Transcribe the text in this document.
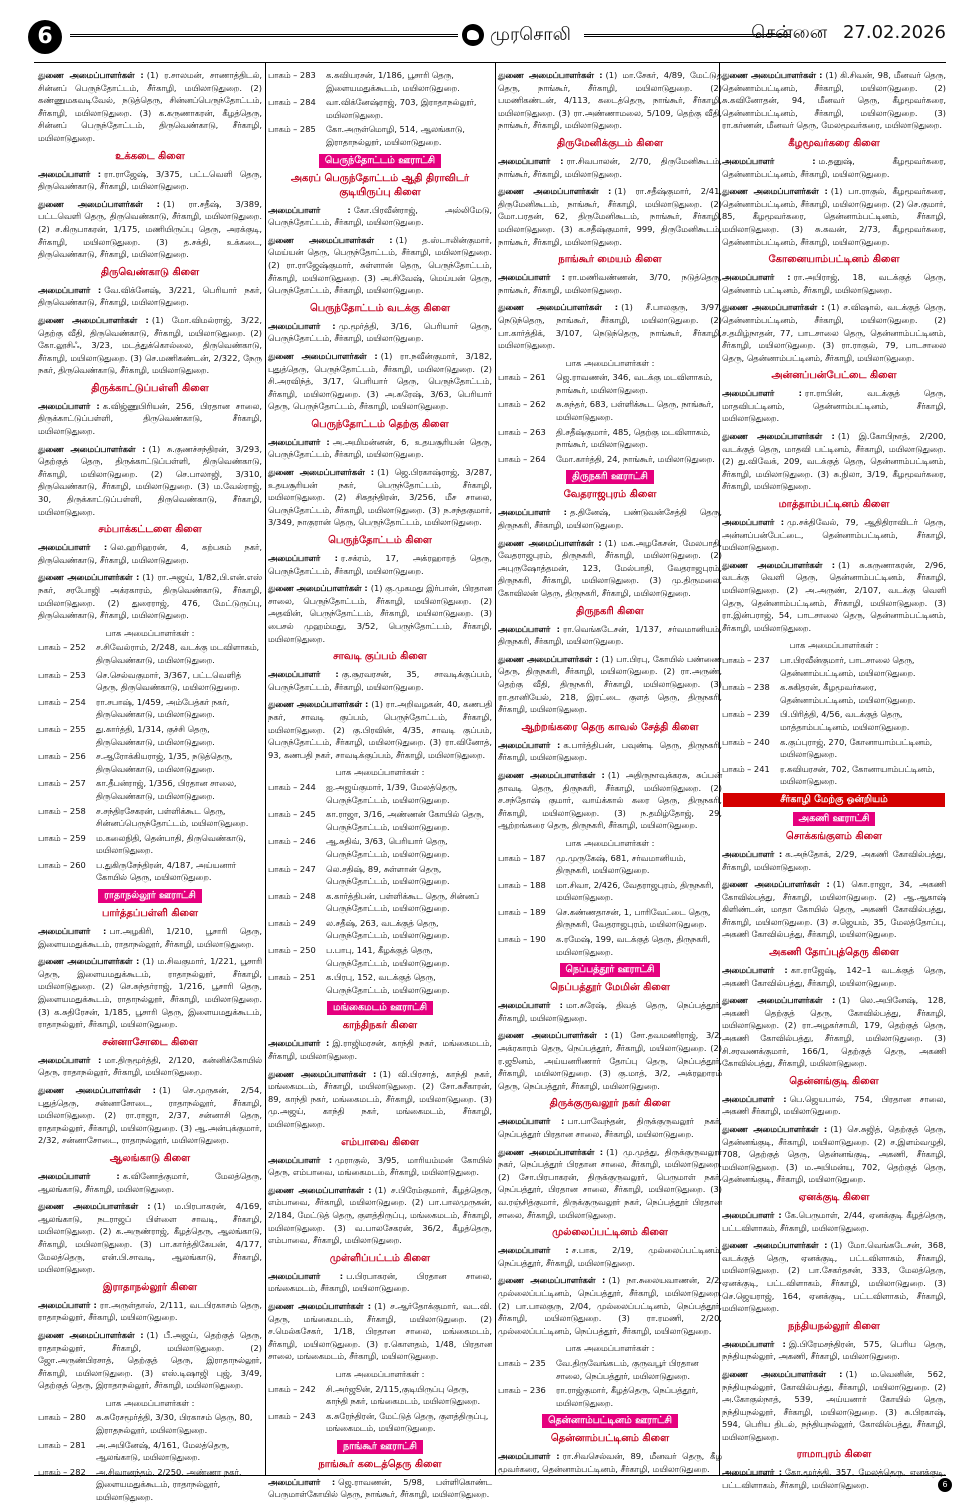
6	முரசொலி	சென்னை 27.02.2026

துணை அமைப்பாளர்கள் : (1) ர.சாலமன், சாணாத்திடல், சின்னப் பெருந்தோட்டம், சீர்காழி, மயிலாடுதுறை. (2) கண்ணுமகவடிவேல், நடுத்தெரு, சின்னப்பெருந்தோட்டம், சீர்காழி, மயிலாடுதுறை. (3) க.கருணாகரன், கீழத்தெரு, சின்னப் பெருந்தோட்டம், திருவெண்காடு, சீர்காழி, மயிலாடுதுறை.

உக்கடை கிளை

அமைப்பாளர் : ரா.ராஜேஷ், 3/375, பட்டவெளி தெரு, திருவெண்காடு, சீர்காழி, மயிலாடுதுறை.

துணை அமைப்பாளர்கள் : (1) ரா.சதீஷ், 3/389, பட்டவெளி தெரு, திருவெண்காடு, சீர்காழி, மயிலாடுதுறை. (2) ச.கிருபாகரன், 1/175, மணியிருப்பு தெரு, அரக்குடி, சீர்காழி, மயிலாடுதுறை. (3) த.சக்தி, உக்கடை, திருவெண்காடு, சீர்காழி, மயிலாடுதுறை.

திருவெண்காடு கிளை

அமைப்பாளர் : வே.விக்னேஷ், 3/221, பெரியார் நகர், திருவெண்காடு, சீர்காழி, மயிலாடுதுறை.

துணை அமைப்பாளர்கள் : (1) மோ.விமல்ராஜ், 3/22, தெற்கு வீதி, திருவெண்காடு, சீர்காழி, மயிலாடுதுறை. (2) கோ.லூசிஃ, 3/23, மடத்துக்கொல்லை, திருவெண்காடு, சீர்காழி, மயிலாடுதுறை. (3) செ.மணிகண்டன், 2/322, நேரு நகர், திருவெண்காடு, சீர்காழி, மயிலாடுதுறை.

திருக்காட்டுப்பள்ளி கிளை

அமைப்பாளர் : க.விஜ்ணுபிரியன், 256, பிரதான சாலை, திருக்காட்டுப்பள்ளி, திருவெண்காடு, சீர்காழி, மயிலாடுதுறை.

துணை அமைப்பாளர்கள் : (1) சு.குணச்சந்திரன், 3/293, தெற்குத் தெரு, திருக்காட்டுப்பள்ளி, திருவெண்காடு, சீர்காழி, மயிலாடுதுறை. (2) செ.பாலாஜி, 3/310, திருவெண்காடு, சீர்காழி, மயிலாடுதுறை. (3) ம.வேல்ராஜ், 30, திருக்காட்டுப்பள்ளி, திருவெண்காடு, சீர்காழி, மயிலாடுதுறை.

சம்பாக்கட்டளை கிளை

அமைப்பாளர் : லெ.ஹரிஹரன், 4, கற்பகம் நகர், திருவெண்காடு, சீர்காழி, மயிலாடுதுறை.

துணை அமைப்பாளர்கள் : (1) ரா.அஜய், 1/82,பி.என்.எஸ் நகர், சரபோஜி அக்ரகாரம், திருவெண்காடு, சீர்காழி, மயிலாடுதுறை. (2) துரைராஜ், 476, மேட்டுருப்பு, திருவெண்காடு, சீர்காழி, மயிலாடுதுறை.

பாக அமைப்பாளர்கள் :
பாகம் – 252	ச.சிவேல்ராம், 2/248, வடக்கு மடவிளாகம், திருவெண்காடு, மயிலாடுதுறை.
பாகம் – 253	செ.செல்வகுமார், 3/367, பட்டவெளித் தெரு, திருவெண்காடு, மயிலாடுதுறை.
பாகம் – 254	ரா.சபாஷ், 1/459, அம்பேத்கர் நகர், திருவெண்காடு, மயிலாடுதுறை.
பாகம் – 255	து.கார்த்தி, 1/314, குச்சி தெரு, திருவெண்காடு, மயிலாடுதுறை.
பாகம் – 256	ச.ஆரோக்கியராஜ், 1/35, நடுத்தெரு, திருவெண்காடு, மயிலாடுதுறை.
பாகம் – 257	கா.தீபன்ராஜ், 1/356, பிரதான சாலை, திருவெண்காடு, மயிலாடுதுறை.
பாகம் – 258	ச.சந்திரசேகரன், பள்ளிக்கூட தெரு, சின்னப்பெருந்தோட்டம், மயிலாடுதுறை.
பாகம் – 259	ம.கலைநிதி, தென்பாதி, திருவெண்காடு, மயிலாடுதுறை.
பாகம் – 260	ப.துகிருசேந்திரன், 4/187, அய்யனார் கோயில் தெரு, மயிலாடுதுறை.
ராதாநல்லூர் ஊராட்சி
பார்த்தப்பள்ளி கிளை

அமைப்பாளர் : பா.அழகிரி, 1/210, பூசாரி தெரு, இளையமதுக்கூடம், ராதாநல்லூர், சீர்காழி, மயிலாடுதுறை.

துணை அமைப்பாளர்கள் : (1) ம.சிவகுமார், 1/221, பூசாரி தெரு, இளையமதுக்கூடம், ராதாநல்லூர், சீர்காழி, மயிலாடுதுறை. (2) செ.சுந்தர்ராஜ், 1/216, பூசாரி தெரு, இளையமதுக்கூடம், ராதாநல்லூர், சீர்காழி, மயிலாடுதுறை. (3) க.சுதிரேசன், 1/185, பூசாரி தெரு, இளையமதுக்கூடம், ராதாநல்லூர், சீர்காழி, மயிலாடுதுறை.

சன்னாசோடை கிளை

அமைப்பாளர் : மா.திருமூர்த்தி, 2/120, கன்னிக்கோயில் தெரு, ராதாநல்லூர், சீர்காழி, மயிலாடுதுறை.

துணை அமைப்பாளர்கள் : (1) செ.முருகன், 2/54, புதுத்தெரு, சன்னாசோடை, ராதாநல்லூர், சீர்காழி, மயிலாடுதுறை. (2) ரா.ராஜா, 2/37, சன்னாசி தெரு, ராதாநல்லூர், சீர்காழி, மயிலாடுதுறை. (3) ஆ.அன்புக்குமார், 2/32, சன்னாசோடை, ராதாநல்லூர், மயிலாடுதுறை.

ஆலங்காடு கிளை

அமைப்பாளர் : க.வினோத்குமார், மேலத்தெரு, ஆலங்காடு, சீர்காழி, மயிலாடுதுறை.

துணை அமைப்பாளர்கள் : (1) ம.பிரபாகரன், 4/169, ஆலங்காடு, நடராஜப் பிள்ளை சாவடி, சீர்காழி, மயிலாடுதுறை. (2) க.அருண்ராஜ், கீழத்தெரு, ஆலங்காடு, சீர்காழி, மயிலாடுதுறை. (3) பா.கார்த்திகேயன், 4/177, மேலத்தெரு, என்.பி.சாவடி, ஆலங்காடு, சீர்காழி, மயிலாடுதுறை.

இராதாநல்லூர் கிளை

அமைப்பாளர் : ரா.அருள்தாஸ், 2/111, வடபிரகாசம் தெரு, ராதாநல்லூர், சீர்காழி, மயிலாடுதுறை.

துணை அமைப்பாளர்கள் : (1) பீ.அஜய், தெற்குத் தெரு, ராதாநல்லூர், சீர்காழி, மயிலாடுதுறை. (2) ஜோ.அருண்பிரசாத், தெற்குத் தெரு, இராதாநல்லூர், சீர்காழி, மயிலாடுதுறை. (3) எஸ்.டிஷாஜி புஜ், 3/49, தெற்குத் தெரு, இராதாநல்லூர், சீர்காழி, மயிலாடுதுறை.

பாக அமைப்பாளர்கள் :
பாகம் – 280	சு.சுரேசமூர்த்தி, 3/30, பிரகாசம் தெரு, 80, இராதநல்லூர், மயிலாடுதுறை.
பாகம் – 281	அ.அபினேஷ், 4/161, மேலத்தெரு, ஆலங்காடு, மயிலாடுதுறை.
பாகம் – 282	அ.சிவானந்தம், 2/250, அண்ணா நகர், இளையமதுக்கூடம், ராதாநல்லூர், மயிலாடுதுறை.
பாகம் – 283	க.கவியரசன், 1/186, பூசாரி தெரு, இளையமதுக்கூடம், மயிலாடுதுறை.
பாகம் – 284	வா.விக்னேஷ்ராஜ், 703, இராதாநல்லூர், மயிலாடுதுறை.
பாகம் – 285	கோ.அருள்மொழி, 514, ஆலங்காடு, இராதாநல்லூர், மயிலாடுதுறை.
பெருந்தோட்டம் ஊராட்சி
அகரப் பெருந்தோட்டம் ஆதி திராவிடர் குடியிருப்பு கிளை

அமைப்பாளர் : கோ.பிரவீன்ராஜ், அல்லிமேடு, பெருந்தோட்டம், சீர்காழி, மயிலாடுதுறை.

துணை அமைப்பாளர்கள் : (1) த.ஸ்டாலின்குமார், மெய்யன் தெரு, பெருந்தோட்டம், சீர்காழி, மயிலாடுதுறை. (2) ரா.ராஜேஷ்குமார், சுள்ளான் தெரு, பெருந்தோட்டம், சீர்காழி, மயிலாடுதுறை. (3) அ.சிவேஷ், மெய்யன் தெரு, பெருந்தோட்டம், சீர்காழி, மயிலாடுதுறை.

பெருந்தோட்டம் வடக்கு கிளை

அமைப்பாளர் : மு.மூர்த்தி, 3/16, பெரியார் தெரு, பெருந்தோட்டம், சீர்காழி, மயிலாடுதுறை.

துணை அமைப்பாளர்கள் : (1) ரா.நவீன்குமார், 3/182, புதுத்தெரு, பெருந்தோட்டம், சீர்காழி, மயிலாடுதுறை. (2) சி.அரவிந்த், 3/17, பெரியார் தெரு, பெருந்தோட்டம், சீர்காழி, மயிலாடுதுறை. (3) அ.சுரேஷ், 3/63, பெரியார் தெரு, பெருந்தோட்டம், சீர்காழி, மயிலாடுதுறை.

பெருந்தோட்டம் தெற்கு கிளை

அமைப்பாளர் : அ.அமிமன்னன், 6, உதயசூரியன் தெரு, பெருந்தோட்டம், சீர்காழி, மயிலாடுதுறை.

துணை அமைப்பாளர்கள் : (1) ஜெ.பிரகாஷ்ராஜ், 3/287, உதயசூரியன் நகர், பெருந்தோட்டம், சீர்காழி, மயிலாடுதுறை. (2) சிகதந்திரன், 3/256, மீச சாலை, பெருந்தோட்டம், சீர்காழி, மயிலாடுதுறை. (3) ந.சந்தகுமார், 3/349, நாகுரான் தெரு, பெருந்தோட்டம், மயிலாடுதுறை.

பெருந்தோட்டம் கிளை

அமைப்பாளர் : ர.சக்ரம், 17, அக்ரஹாரத் தெரு, பெருந்தோட்டம், சீர்காழி, மயிலாடுதுறை.

துணை அமைப்பாளர்கள் : (1) கு.முகமது இர்பான், பிரதான சாலை, பெருந்தோட்டம், சீர்காழி, மயிலாடுதுறை. (2) அதவின், பெருந்தோட்டம், சீர்காழி, மயிலாடுதுறை. (3) பைசல் முஹம்மது, 3/52, பெருந்தோட்டம், சீர்காழி, மயிலாடுதுறை.

சாவடி குப்பம் கிளை

அமைப்பாளர் : கு.சூரவரசன், 35, சாவடிக்குப்பம், பெருந்தோட்டம், சீர்காழி, மயிலாடுதுறை.

துணை அமைப்பாளர்கள் : (1) ரா.அறிவழகன், 40, கணபதி நகர், சாவடி குப்பம், பெருந்தோட்டம், சீர்காழி, மயிலாடுதுறை. (2) கு.பிரவின், 4/35, சாவடி குப்பம், பெருந்தோட்டம், சீர்காழி, மயிலாடுதுறை. (3) ரா.வினோத், 93, கணபதி நகர், சாவடிக்குப்பம், சீர்காழி, மயிலாடுதுறை.

பாக அமைப்பாளர்கள் :
பாகம் – 244	ஐ.அஜய்குமார், 1/39, மேலத்தெரு, பெருந்தோட்டம், மயிலாடுதுறை.
பாகம் – 245	கா.ராஜா, 3/16, அண்ணன் கோயில் தெரு, பெருந்தோட்டம், மயிலாடுதுறை.
பாகம் – 246	ஆ.சுதிவ், 3/63, பெரியார் தெரு, பெருந்தோட்டம், மயிலாடுதுறை.
பாகம் – 247	லெ.சதிஷ், 89, சுள்ளான் தெரு, பெருந்தோட்டம், மயிலாடுதுறை.
பாகம் – 248	க.கார்த்திபன், பள்ளிக்கூட தெரு, சின்னப் பெருந்தோட்டம், மயிலாடுதுறை.
பாகம் – 249	ல.சதீஷ், 263, வடக்குத் தெரு, பெருந்தோட்டம், மயிலாடுதுறை.
பாகம் – 250	ப.பாபு, 141, கீழக்குத் தெரு, பெருந்தோட்டம், மயிலாடுதுறை.
பாகம் – 251	க.பிரபு, 152, வடக்குத் தெரு, பெருந்தோட்டம், மயிலாடுதுறை.
மங்கைமடம் ஊராட்சி
காந்திநகர் கிளை

அமைப்பாளர் : இ.ராஜிமரசன், காந்தி நகர், மங்கைமடம், சீர்காழி, மயிலாடுதுறை.

துணை அமைப்பாளர்கள் : (1) வி.பிரசாத், காந்தி நகர், மங்கைமடம், சீர்காழி, மயிலாடுதுறை. (2) சோ.சுசீகாரன், 89, காந்தி நகர், மங்கைமடம், சீர்காழி, மயிலாடுதுறை. (3) மு.அஜய், காந்தி நகர், மங்கைமடம், சீர்காழி, மயிலாடுதுறை.

எம்பாவை கிளை

அமைப்பாளர் : முராகுல், 3/95, மாரியம்மன் கோயில் தெரு, எம்பாவை, மங்கைமடம், சீர்காழி, மயிலாடுதுறை.

துணை அமைப்பாளர்கள் : (1) ச.பிரேம்குமார், கீழத்தெரு, எம்பாவை, சீர்காழி, மயிலாடுதுறை. (2) பா.பாலமுருகன், 2/184, மேட்டுத் தெரு, குளத்திருப்பு, மங்கைமடம், சீர்காழி, மயிலாடுதுறை. (3) வ.பாலசேகரன், 36/2, கீழத்தெரு, எம்பாவை, சீர்காழி, மயிலாடுதுறை.

முள்ளிப்பட்டம் கிளை

அமைப்பாளர் : ப.பிரபாகரன், பிரதான சாலை, மங்கைமடம், சீர்காழி, மயிலாடுதுறை.

துணை அமைப்பாளர்கள் : (1) ச.ஆர்தோக்குமார், வட.வி. தெரு, மங்கைமடம், சீர்காழி, மயிலாடுதுறை. (2) ச.மெல்கசேகர், 1/18, பிரதான சாலை, மங்கைமடம், சீர்காழி, மயிலாடுதுறை. (3) ர.கொளதம், 1/48, பிரதான சாலை, மங்கைமடம், சீர்காழி, மயிலாடுதுறை.

பாக அமைப்பாளர்கள் :
பாகம் – 242	சி.அர்ஜூன், 2/115,குடியிருப்பு தெரு, காந்தி நகர், மங்கைமடம், மயிலாடுதுறை.
பாகம் – 243	க.சுரேந்திரன், மேட்டுத் தெரு, குளத்திருப்பு, மங்கைமடம், மயிலாடுதுறை.
நாங்கூர் ஊராட்சி
நாங்கூர் கடைத்தெரு கிளை

அமைப்பாளர் : ஜெ.ராவணன், 5/98, பள்ளிகொண்ட பெருமாள்கோயில் தெரு, நாங்கூர், சீர்காழி, மயிலாடுதுறை.

துணை அமைப்பாளர்கள் : (1) மா.சேகர், 4/89, மேட்டுத் தெரு, நாங்கூர், சீர்காழி, மயிலாடுதுறை. (2) பமணிகண்டன், 4/113, கடைத்தெரு, நாங்கூர், சீர்காழி, மயிலாடுதுறை. (3) ரா.அண்ணாமலை, 5/109, தெற்கு வீதி, நாங்கூர், சீர்காழி, மயிலாடுதுறை.

திருமேனிக்குடம் கிளை

அமைப்பாளர் : ரா.சிவபாலன், 2/70, திருமேனிகூடம், நாங்கூர், சீர்காழி, மயிலாடுதுறை.

துணை அமைப்பாளர்கள் : (1) ரா.சதீஷ்குமார், 2/41, திருமேனிகூடம், நாங்கூர், சீர்காழி, மயிலாடுதுறை. (2) மோ.பரதன், 62, திருமேனிகூடம், நாங்கூர், சீர்காழி, மயிலாடுதுறை. (3) க.சதீஷ்குமார், 999, திருமேனிகூடம், நாங்கூர், சீர்காழி, மயிலாடுதுறை.

நாங்கூர் மையம் கிளை

அமைப்பாளர் : ரா.மணிவண்ணன், 3/70, நடுத்தெரு, நாங்கூர், சீர்காழி, மயிலாடுதுறை.

துணை அமைப்பாளர்கள் : (1) சீ.பாலகுரு, 3/97, நெடுந்தெரு, நாங்கூர், சீர்காழி, மயிலாடுதுறை. (2) பா.கார்த்திக், 3/107, நெடுந்தெரு, நாங்கூர், சீர்காழி, மயிலாடுதுறை.

பாக அமைப்பாளர்கள் :
பாகம் – 261	ஜெ.ராவணன், 346, வடக்கு மடவிளாகம், நாங்கூர், மயிலாடுதுறை.
பாகம் – 262	சு.சுந்தர், 683, பள்ளிக்கூட தெரு, நாங்கூர், மயிலாடுதுறை.
பாகம் – 263	தி.சதீஷ்குமார், 485, தெற்கு மடவிளாகம், நாங்கூர், மயிலாடுதுறை.
பாகம் – 264	மோ.கார்த்தி, 24, நாங்கூர், மயிலாடுதுறை.
திருநகரி ஊராட்சி
வேதராஜபுரம் கிளை

அமைப்பாளர் : த.தினேஷ், பண்டுவன்சேத்தி தெரு, திருநகரி, சீர்காழி, மயிலாடுதுறை.

துணை அமைப்பாளர்கள் : (1) மக.அழகேசன், மேலபாதி, வேதராஜபுரம், திருநகரி, சீர்காழி, மயிலாடுதுறை. (2) அபுருஷோத்தமன், 123, மேல்பாதி, வேதராஜபுரம், திருநகரி, சீர்காழி, மயிலாடுதுறை. (3) மு.திருமலை, கோவிலன் தெரு, திருநகரி, சீர்காழி, மயிலாடுதுறை.

திருநகரி கிளை

அமைப்பாளர் : ரா.வெங்கடேசன், 1/137, சர்வமானியம், திருநகரி, சீர்காழி, மயிலாடுதுறை.

துணை அமைப்பாளர்கள் : (1) பா.பிரபு, கோயில் பண்ணை தெரு, திருநகரி, சீர்காழி, மயிலாடுதுறை. (2) ரா.அருண், தெற்கு வீதி, திருநகரி, சீர்காழி, மயிலாடுதுறை. (3) ரா.தானியேல், 218, இரட்டை குளத் தெரு, திருநகரி, சீர்காழி, மயிலாடுதுறை.

ஆற்றங்கரை தெரு காவல் சேத்தி கிளை

அமைப்பாளர் : க.பார்த்திபன், பவுண்டி தெரு, திருநகரி, சீர்காழி, மயிலாடுதுறை.

துணை அமைப்பாளர்கள் : (1) அதிருநாவுக்கரசு, சுப்பன் தாவடி தெரு, திருநகரி, சீர்காழி, மயிலாடுதுறை. (2) ச.சந்தோஷ் குமார், வாய்க்கால் கரை தெரு, திருநகரி, சீர்காழி, மயிலாடுதுறை. (3) ந.தமிழ்தோஜ், 29, ஆற்றங்கரை தெரு, திருநகரி, சீர்காழி, மயிலாடுதுறை.

பாக அமைப்பாளர்கள் :
பாகம் – 187	மு.முருகேஷ், 681, சர்வமானியம், திருநகரி, மயிலாடுதுறை.
பாகம் – 188	மா.சிவா, 2/426, வேதராஜபுரம், திருநகரி, மயிலாடுதுறை.
பாகம் – 189	செ.கண்ணதாசன், 1, பாரிவேட்டை தெரு, திருநகரி, வேதராஜபுரம், மயிலாடுதுறை.
பாகம் – 190	க.ரமேஷ், 199, வடக்குத் தெரு, திருநகரி, மயிலாடுதுறை.
நெப்பத்தூர் ஊராட்சி
நெப்பத்தூர் மேமின் கிளை

அமைப்பாளர் : மா.சுரேஷ், திவத் தெரு, நெப்பத்தூர், சீர்காழி, மயிலாடுதுறை.

துணை அமைப்பாளர்கள் : (1) சோ.தவமணிராஜ், 3/2, அக்ரகாரம் தெரு, நெப்பத்தூர், சீர்காழி, மயிலாடுதுறை. (2) ர.ஜூனம், அய்யனரிணார் தோப்பு தெரு, நெப்பத்தூர், சீர்காழி, மயிலாடுதுறை. (3) கு.மாத், 3/2, அக்ரஹாரம் தெரு, நெப்பத்தூர், சீர்காழி, மயிலாடுதுறை.

திருக்குருவலூர் நகர் கிளை

அமைப்பாளர் : பா.பாவேந்தன், திருக்குருவலூர் நகர், நெப்பத்தூர் பிரதான சாலை, சீர்காழி, மயிலாடுதுறை.

துணை அமைப்பாளர்கள் : (1) மு.முத்து, திருக்குருவலூர் நகர், நெப்பத்தூர் பிரதான சாலை, சீர்காழி, மயிலாடுதுறை. (2) சோ.பிரபாகரன், திருக்குருவலூர், பெருமாள் நகர், நெப்பத்தூர், பிரதான சாலை, சீர்காழி, மயிலாடுதுறை. (3) வ.ரஞ்சித்குமார், திருக்குருவலூர் நகர், நெப்பத்தூர் பிரதான சாலை, சீர்காழி, மயிலாடுதுறை.

முல்லைப்பட்டினம் கிளை

அமைப்பாளர் : ச.பாக, 2/19, முல்லைப்பட்டினம், நெப்பத்தூர், சீர்காழி, மயிலாடுதுறை.

துணை அமைப்பாளர்கள் : (1) நா.சுலையவாணன், 2/2, முல்லைப்பட்டினம், நெப்பத்தூர், சீர்காழி, மயிலாடுதுறை. (2) பா.பாலகுரு, 2/04, முல்லைப்பட்டினம், நெப்பத்தூர், சீர்காழி, மயிலாடுதுறை. (3) ரா.ரமணி, 2/20, முல்லைப்பட்டினம், நெப்பத்தூர், சீர்காழி, மயிலாடுதுறை.

பாக அமைப்பாளர்கள் :
பாகம் – 235	வே.திருவேங்கடம், குருவபூர் பிரதான சாலை, நெப்பத்தூர், மயிலாடுதுறை.
பாகம் – 236	ரா.ராஜ்குமார், கீழத்தெரு, நெப்பத்தூர், மயிலாடுதுறை.
தென்னாம்பட்டினம் ஊராட்சி
தென்னாம்பட்டினம் கிளை

அமைப்பாளர் : ரா.சிவசெல்வன், 89, மீனவர் தெரு, கீழ மூவர்கரை, தென்னாம்பட்டினம், சீர்காழி, மயிலாடுதுறை.

துணை அமைப்பாளர்கள் : (1) கி.சிவன், 98, மீனவர் தெரு, தென்னாம்பட்டினம், சீர்காழி, மயிலாடுதுறை. (2) சு.கவினோதன், 94, மீனவர் தெரு, கீழமூவர்கரை, தென்னாம்பட்டினம், சீர்காழி, மயிலாடுதுறை. (3) ரா.கர்ணன், மீனவர் தெரு, மேலமூவர்கரை, மயிலாடுதுறை.

கீழமூவர்கரை கிளை

அமைப்பாளர் : ம.தனுஷ், கீழமூவர்கரை, தென்னாம்பட்டினம், சீர்காழி, மயிலாடுதுறை.

துணை அமைப்பாளர்கள் : (1) பா.ராகுல், கீழமூவர்கரை, தென்னாம்பட்டினம், சீர்காழி, மயிலாடுதுறை. (2) செ.குமார், 85, கீழமூவர்கரை, தென்னாம்பட்டினம், சீர்காழி, மயிலாடுதுறை. (3) சு.கவன், 2/73, கீழமூவர்கரை, தென்னாம்பட்டினம், சீர்காழி, மயிலாடுதுறை.

கோனையாம்பட்டினம் கிளை

அமைப்பாளர் : ரா.அபிராஜ், 18, வடக்குத் தெரு, தென்னாம் பட்டினம், சீர்காழி, மயிலாடுதுறை.

துணை அமைப்பாளர்கள் : (1) ச.விஷால், வடக்குத் தெரு, தென்னாம்பட்டினம், சீர்காழி, மயிலாடுதுறை. (2) ச.தமிழ்நாதன், 77, பாடசாலை தெரு, தென்னாம்பட்டினம், சீர்காழி, மயிலாடுதுறை. (3) ரா.ராகுல், 79, பாடசாலை தெரு, தென்னாம்பட்டினம், சீர்காழி, மயிலாடுதுறை.

அன்னப்பன்பேட்டை கிளை

அமைப்பாளர் : ரா.ராபின், வடக்குத் தெரு, மாதவிபட்டினம், தென்னாம்பட்டினம், சீர்காழி, மயிலாடுதுறை.

துணை அமைப்பாளர்கள் : (1) இ.கோபிநாத், 2/200, வடக்குத் தெரு, மாதவி பட்டினம், சீர்காழி, மயிலாடுதுறை. (2) து.விவேக், 209, வடக்குத் தெரு, தென்னாம்பட்டினம், சீர்காழி, மயிலாடுதுறை. (3) சு.நிலா, 3/19, கீழமூவர்கரை, சீர்காழி, மயிலாடுதுறை.

மாத்தாம்பட்டினம் கிளை

அமைப்பாளர் : மு.சக்திவேல், 79, ஆதிதிராவிடர் தெரு, அன்னப்பன்பேட்டை, தென்னாம்பட்டினம், சீர்காழி, மயிலாடுதுறை.

துணை அமைப்பாளர்கள் : (1) சு.கருணாகரன், 2/96, வடக்கு வெளி தெரு, தென்னாம்பட்டினம், சீர்காழி, மயிலாடுதுறை. (2) அ.அருண், 2/107, வடக்கு வெளி தெரு, தென்னாம்பட்டினம், சீர்காழி, மயிலாடுதுறை. (3) ரா.இன்பராஜ், 54, பாடசாலை தெரு, தென்னாம்பட்டினம், சீர்காழி, மயிலாடுதுறை.

பாக அமைப்பாளர்கள் :
பாகம் – 237	பா.பிரவீன்குமார், பாடசாலை தெரு, தென்னாம்பட்டினம், மயிலாடுதுறை.
பாகம் – 238	க.சுகிதரன், கீழமூவர்கரை, தென்னாம்பட்டினம், மயிலாடுதுறை.
பாகம் – 239	பி.பிரித்தி, 4/56, வடக்குத் தெரு, மாத்தாம்பட்டினம், மயிலாடுதுறை.
பாகம் – 240	க.குப்புராஜ், 270, கோனாயாம்பட்டினம், மயிலாடுதுறை.
பாகம் – 241	ர.கவியரசன், 702, கோனாயாம்பட்டினம், மயிலாடுதுறை.
சீர்காழி மேற்கு ஒன்றியம்
அகணி ஊராட்சி
சொக்கங்குளம் கிளை

அமைப்பாளர் : க.அந்தோக், 2/29, அகணி கோவில்பத்து, சீர்காழி, மயிலாடுதுறை.

துணை அமைப்பாளர்கள் : (1) கொ.ராஜா, 34, அகணி கோவில்பத்து, சீர்காழி, மயிலாடுதுறை. (2) ஆ.ஆகாஷ் கிளிண்டன், மாதா கோயில் தெரு, அகணி கோவில்பத்து, சீர்காழி, மயிலாடுதுறை. (3) ச.ஜெயம், 35, மேலத்தோப்பு, அகணி கோவில்பத்து, சீர்காழி, மயிலாடுதுறை.

அகணி தோப்புத்தெரு கிளை

அமைப்பாளர் : கா.ராஜேஷ், 142–1 வடக்குத் தெரு, அகணி கோவில்பத்து, சீர்காழி, மயிலாடுதுறை.

துணை அமைப்பாளர்கள் : (1) லெ.அபினேஷ், 128, அகணி தெற்குத் தெரு, கோவில்பத்து, சீர்காழி, மயிலாடுதுறை. (2) ரா.அழகர்சாமி, 179, தெற்குத் தெரு, அகணி கோவில்பத்து, சீர்காழி, மயிலாடுதுறை. (3) சி.சரவணக்குமார், 166/1, தெற்குத் தெரு, அகணி கோவில்பத்து, சீர்காழி, மயிலாடுதுறை.

தென்னங்குடி கிளை

அமைப்பாளர் : பெ.ஜெயபால், 754, பிரதான சாலை, அகணி சீர்காழி, மயிலாடுதுறை.

துணை அமைப்பாளர்கள் : (1) செ.சுஜித், தெற்குத் தெரு, தென்னங்குடி, சீர்காழி, மயிலாடுதுறை. (2) ச.இளம்வழுதி, 708, தெற்குத் தெரு, தென்னங்குடி, அகணி, சீர்காழி, மயிலாடுதுறை. (3) ம.அபிமன்யு, 702, தெற்குத் தெரு, தென்னங்குடி, சீர்காழி, மயிலாடுதுறை.

ஏனக்குடி கிளை

அமைப்பாளர் : கே.பெருமாள், 2/44, ஏனக்குடி கீழத்தெரு, பட்டவிளாகம், சீர்காழி, மயிலாடுதுறை.

துணை அமைப்பாளர்கள் : (1) மோ.வெங்கடேசன், 368, வடக்குத் தெரு, ஏனக்குடி, பட்டவிளாகம், சீர்காழி, மயிலாடுதுறை. (2) பா.சேகர்தசன், 333, மேலத்தெரு, ஏனக்குடி, பட்டவிளாகம், சீர்காழி, மயிலாடுதுறை. (3) செ.ஜெயராஜ், 164, ஏனக்குடி, பட்டவிளாகம், சீர்காழி, மயிலாடுதுறை.

நந்தியநல்லூர் கிளை

அமைப்பாளர் : இ.பிரேமசந்திரன், 575, பெரிய தெரு, நந்தியநல்லூர், அகணி, சீர்காழி, மயிலாடுதுறை.

துணை அமைப்பாளர்கள் : (1) ம.வெனின், 562, நந்தியநல்லூர், கோவில்பத்து, சீர்காழி, மயிலாடுதுறை. (2) அ.கோகுல்நாத், 539, அய்யனார் கோயில் தெரு, நந்தியநல்லூர், சீர்காழி, மயிலாடுதுறை. (3) சு.பிரகாஷ், 594, பெரிய திடல், நந்தியநல்லூர், கோவில்பத்து, சீர்காழி, மயிலாடுதுறை.

ராமாபுரம் கிளை

அமைப்பாளர் : கோ.மூர்த்தி, 357, மேலத்தெரு, ஏனக்குடி, பட்டவிளாகம், சீர்காழி, மயிலாடுதுறை.	6
